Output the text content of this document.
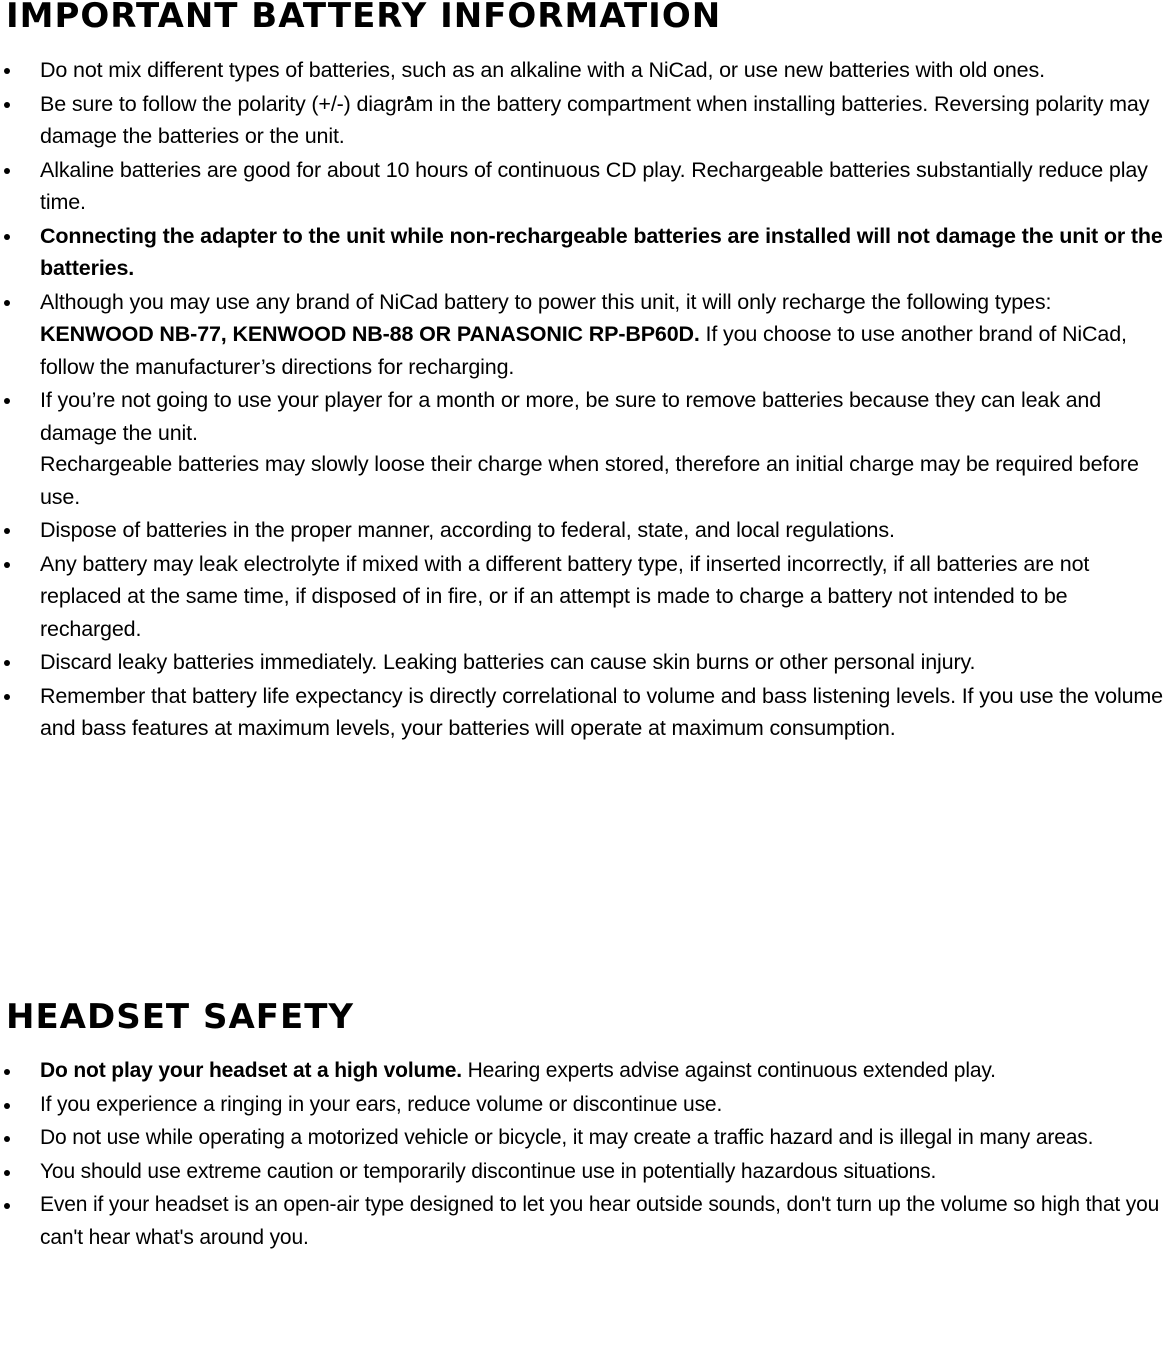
IMPORTANT BATTERY INFORMATION
Do not mix different types of batteries, such as an alkaline with a NiCad, or use new batteries with old ones.
Be sure to follow the polarity (+/-) diagram in the battery compartment when installing batteries. Reversing polarity may damage the batteries or the unit.
Alkaline batteries are good for about 10 hours of continuous CD play. Rechargeable batteries substantially reduce play time.
Connecting the adapter to the unit while non-rechargeable batteries are installed will not damage the unit or the batteries.
Although you may use any brand of NiCad battery to power this unit, it will only recharge the following types: KENWOOD NB-77, KENWOOD NB-88 OR PANASONIC RP-BP60D. If you choose to use another brand of NiCad, follow the manufacturer’s directions for recharging.
If you’re not going to use your player for a month or more, be sure to remove batteries because they can leak and damage the unit.
Rechargeable batteries may slowly loose their charge when stored, therefore an initial charge may be required before use.
Dispose of batteries in the proper manner, according to federal, state, and local regulations.
Any battery may leak electrolyte if mixed with a different battery type, if inserted incorrectly, if all batteries are not replaced at the same time, if disposed of in fire, or if an attempt is made to charge a battery not intended to be recharged.
Discard leaky batteries immediately. Leaking batteries can cause skin burns or other personal injury.
Remember that battery life expectancy is directly correlational to volume and bass listening levels. If you use the volume and bass features at maximum levels, your batteries will operate at maximum consumption.
HEADSET SAFETY
Do not play your headset at a high volume. Hearing experts advise against continuous extended play.
If you experience a ringing in your ears, reduce volume or discontinue use.
Do not use while operating a motorized vehicle or bicycle, it may create a traffic hazard and is illegal in many areas.
You should use extreme caution or temporarily discontinue use in potentially hazardous situations.
Even if your headset is an open-air type designed to let you hear outside sounds, don't turn up the volume so high that you can't hear what's around you.
